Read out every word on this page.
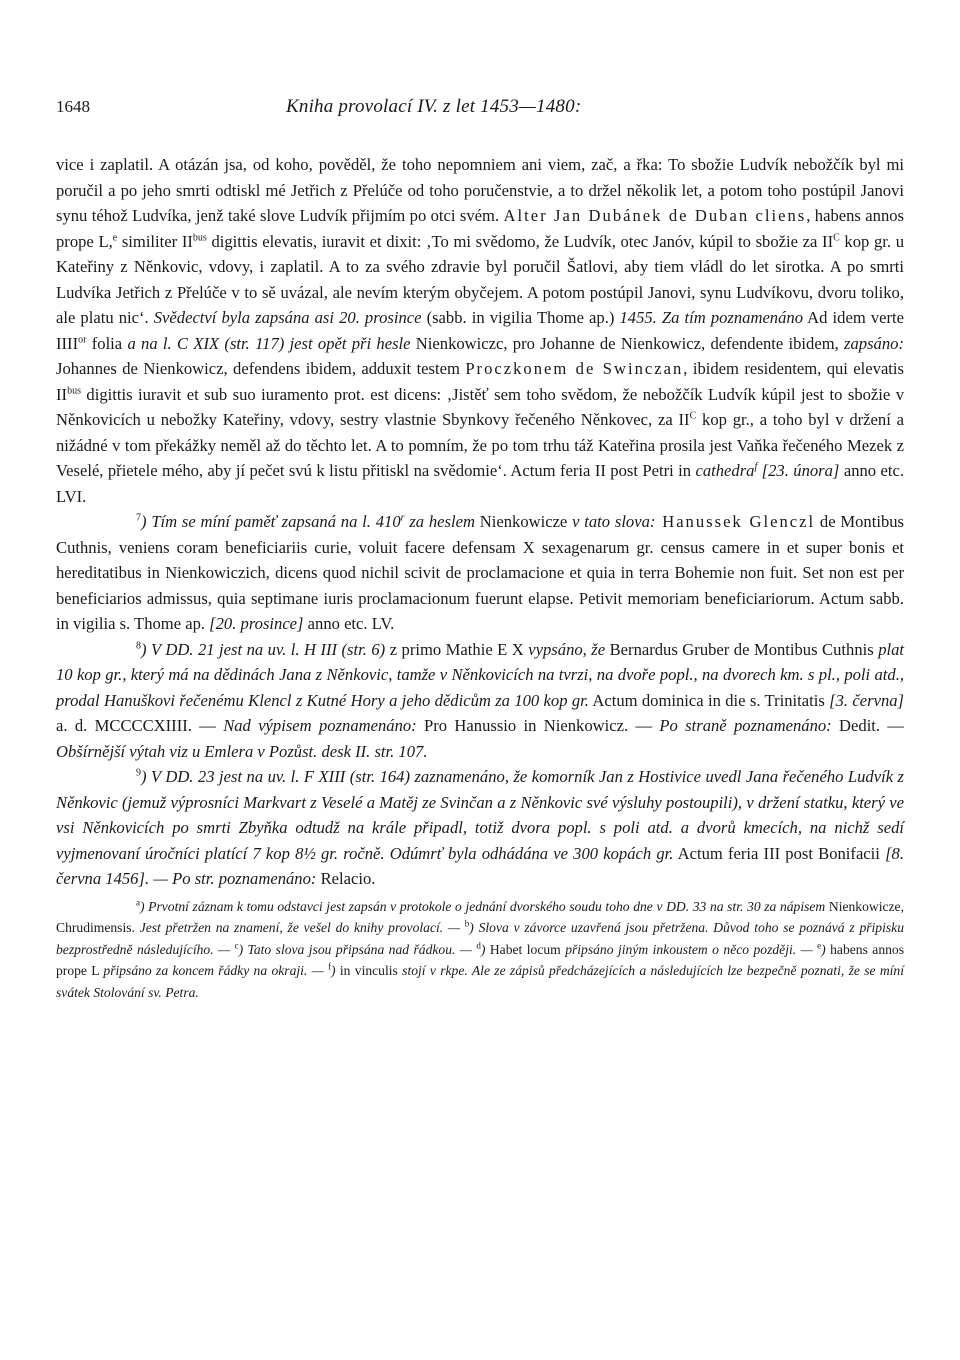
1648	Kniha provolací IV. z let 1453—1480:

vice i zaplatil. A otázán jsa, od koho, pověděl, že toho nepomniem ani viem, zač, a řka: To sbožie Ludvík nebožčík byl mi poručil a po jeho smrti odtiskl mé Jetřich z Přelúče od toho poručenstvie, a to držel několik let, a potom toho postúpil Janovi synu téhož Ludvíka, jenž také slove Ludvík přijmím po otci svém. Alter Jan Dubánek de Duban cliens, habens annos prope L,$^e$ similiter $II^{bus}$ digittis elevatis, iuravit et dixit: ‚To mi svědomo, že Ludvík, otec Janóv, kúpil to sbožie za $II^C$ kop gr. u Kateřiny z Něnkovic, vdovy, i zaplatil. A to za svého zdravie byl poručil Šatlovi, aby tiem vládl do let sirotka. A po smrti Ludvíka Jetřich z Přelúče v to sě uvázal, ale nevím kterým obyčejem. A potom postúpil Janovi, synu Ludvíkovu, dvoru toliko, ale platu nic‘. Svědectví byla zapsána asi 20. prosince (sabb. in vigilia Thome ap.) 1455. Za tím poznamenáno Ad idem verte $IIII^{or}$ folia a na l. C XIX (str. 117) jest opět při hesle Nienkowiczc, pro Johanne de Nienkowicz, defendente ibidem, zapsáno: Johannes de Nienkowicz, defendens ibidem, adduxit testem Proczkonem de Swinczan, ibidem residentem, qui elevatis $II^{bus}$ digittis iuravit et sub suo iuramento prot. est dicens: ‚Jistěť sem toho svědom, že nebožčík Ludvík kúpil jest to sbožie v Něnkovicích u nebožky Kateřiny, vdovy, sestry vlastnie Sbynkovy řečeného Něnkovec, za $II^C$ kop gr., a toho byl v držení a nižádné v tom překážky neměl až do těchto let. A to pomním, že po tom trhu táž Kateřina prosila jest Vaňka řečeného Mezek z Veselé, přietele mého, aby jí pečet svú k listu přitiskl na svědomie‘. Actum feria II post Petri in cathedra$^f$ [23. února] anno etc. LVI.

$^7$) Tím se míní paměť zapsaná na l. 410$^r$ za heslem Nienkowicze v tato slova: Hanussek Glenczl de Montibus Cuthnis, veniens coram beneficiariis curie, voluit facere defensam X sexagenarum gr. census camere in et super bonis et hereditatibus in Nienkowiczich, dicens quod nichil scivit de proclamacione et quia in terra Bohemie non fuit. Set non est per beneficiarios admissus, quia septimane iuris proclamacionum fuerunt elapse. Petivit memoriam beneficiariorum. Actum sabb. in vigilia s. Thome ap. [20. prosince] anno etc. LV.

$^8$) V DD. 21 jest na uv. l. H III (str. 6) z primo Mathie E X vypsáno, že Bernardus Gruber de Montibus Cuthnis plat 10 kop gr., který má na dědinách Jana z Něnkovic, tamže v Něnkovicích na tvrzi, na dvoře popl., na dvorech km. s pl., poli atd., prodal Hanuškovi řečenému Klencl z Kutné Hory a jeho dědicům za 100 kop gr. Actum dominica in die s. Trinitatis [3. června] a. d. MCCCCXIIII. — Nad výpisem poznamenáno: Pro Hanussio in Nienkowicz. — Po straně poznamenáno: Dedit. — Obšírnější výtah viz u Emlera v Pozůst. desk II. str. 107.

$^9$) V DD. 23 jest na uv. l. F XIII (str. 164) zaznamenáno, že komorník Jan z Hostivice uvedl Jana řečeného Ludvík z Něnkovic (jemuž výprosníci Markvart z Veselé a Matěj ze Svinčan a z Něnkovic své výsluhy postoupili), v držení statku, který ve vsi Něnkovicích po smrti Zbyňka odtudž na krále připadl, totiž dvora popl. s poli atd. a dvorů kmecích, na nichž sedí vyjmenovaní úročníci platící 7 kop 8½ gr. ročně. Odúmrť byla odhádána ve 300 kopách gr. Actum feria III post Bonifacii [8. června 1456]. — Po str. poznamenáno: Relacio.

$^a$) Prvotní záznam k tomu odstavci jest zapsán v protokole o jednání dvorského soudu toho dne v DD. 33 na str. 30 za nápisem Nienkowicze, Chrudimensis. Jest přetržen na znamení, že vešel do knihy provolací. — $^b$) Slova v závorce uzavřená jsou přetržena. Důvod toho se poznává z připisku bezprostředně následujícího. — $^c$) Tato slova jsou připsána nad řádkou. — $^d$) Habet locum připsáno jiným inkoustem o něco později. — $^e$) habens annos prope L připsáno za koncem řádky na okraji. — $^f$) in vinculis stojí v rkpe. Ale ze zápisů předcházejících a následujících lze bezpečně poznati, že se míní svátek Stolování sv. Petra.
